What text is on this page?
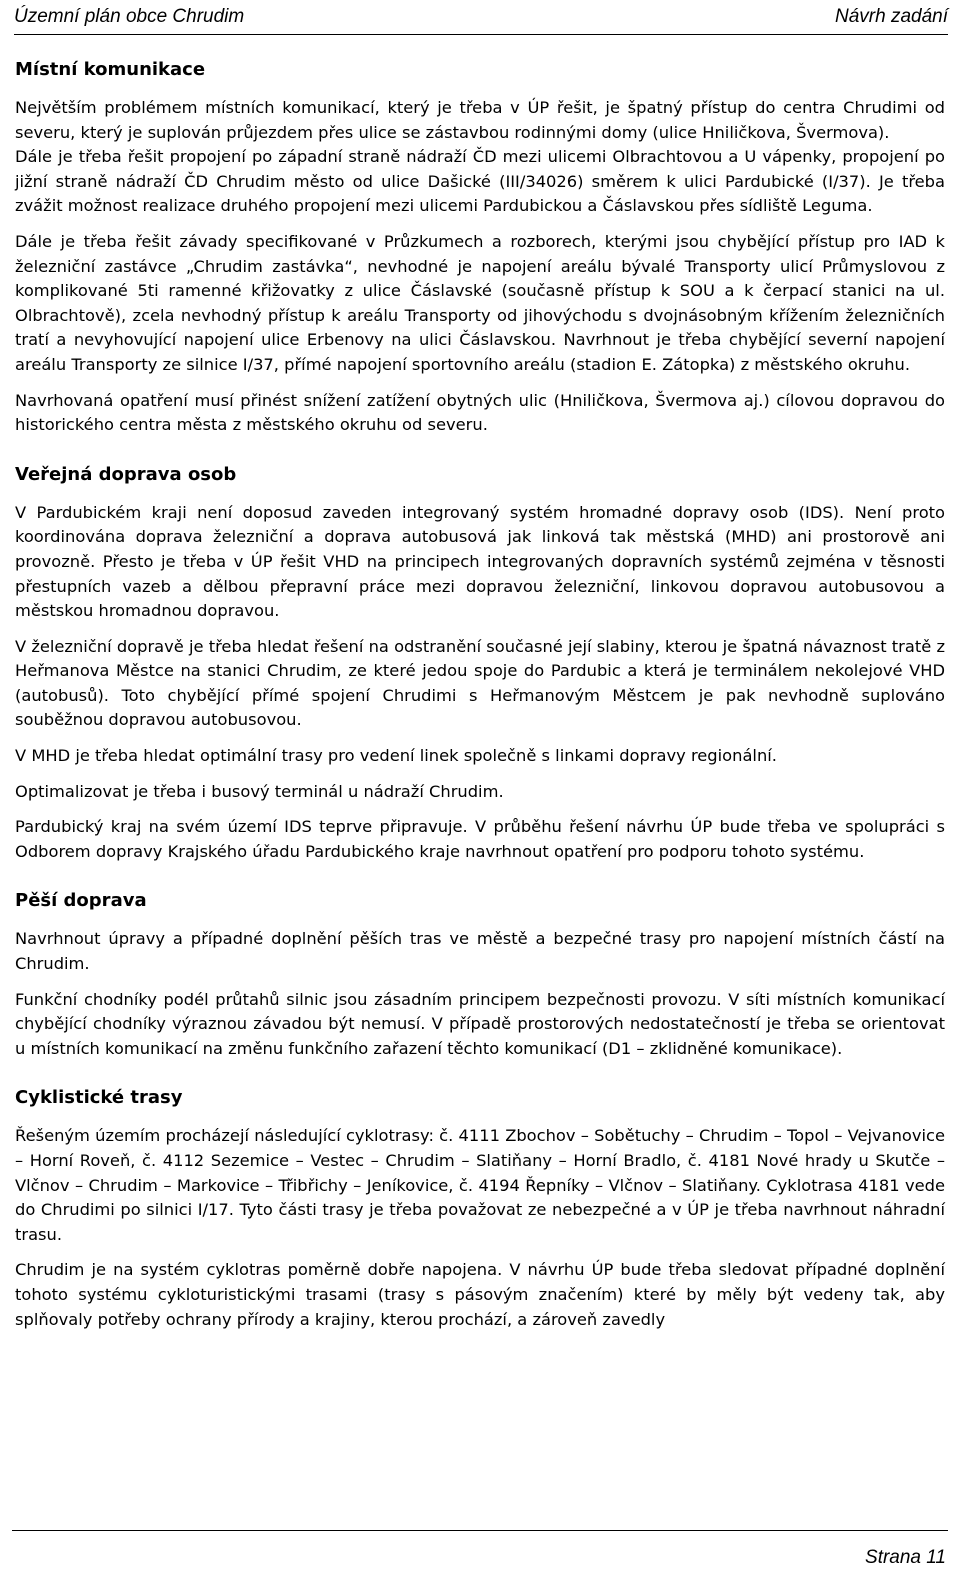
Územní plán obce Chrudim	Návrh zadání
Místní komunikace

Největším problémem místních komunikací, který je třeba v ÚP řešit, je špatný přístup do centra Chrudimi od severu, který je suplován průjezdem přes ulice se zástavbou rodinnými domy (ulice Hniličkova, Švermova).

Dále je třeba řešit propojení po západní straně nádraží ČD mezi ulicemi Olbrachtovou a U vápenky, propojení po jižní straně nádraží ČD Chrudim město od ulice Dašické (III/34026) směrem k ulici Pardubické (I/37). Je třeba zvážit možnost realizace druhého propojení mezi ulicemi Pardubickou a Čáslavskou přes sídliště Leguma.

Dále je třeba řešit závady specifikované v Průzkumech a rozborech, kterými jsou chybějící přístup pro IAD k železniční zastávce „Chrudim zastávka“, nevhodné je napojení areálu bývalé Transporty ulicí Průmyslovou z komplikované 5ti ramenné křižovatky z ulice Čáslavské (současně přístup k SOU a k čerpací stanici na ul. Olbrachtově), zcela nevhodný přístup k areálu Transporty od jihovýchodu s dvojnásobným křížením železničních tratí a nevyhovující napojení ulice Erbenovy na ulici Čáslavskou. Navrhnout je třeba chybějící severní napojení areálu Transporty ze silnice I/37, přímé napojení sportovního areálu (stadion E. Zátopka) z městského okruhu.

Navrhovaná opatření musí přinést snížení zatížení obytných ulic (Hniličkova, Švermova aj.) cílovou dopravou do historického centra města z městského okruhu od severu.

Veřejná doprava osob

V Pardubickém kraji není doposud zaveden integrovaný systém hromadné dopravy osob (IDS). Není proto koordinována doprava železniční a doprava autobusová jak linková tak městská (MHD) ani prostorově ani provozně. Přesto je třeba v ÚP řešit VHD na principech integrovaných dopravních systémů zejména v těsnosti přestupních vazeb a dělbou přepravní práce mezi dopravou železniční, linkovou dopravou autobusovou a městskou hromadnou dopravou.

V železniční dopravě je třeba hledat řešení na odstranění současné její slabiny, kterou je špatná návaznost tratě z Heřmanova Městce na stanici Chrudim, ze které jedou spoje do Pardubic a která je terminálem nekolejové VHD (autobusů). Toto chybějící přímé spojení Chrudimi s Heřmanovým Městcem je pak nevhodně suplováno souběžnou dopravou autobusovou.

V MHD je třeba hledat optimální trasy pro vedení linek společně s linkami dopravy regionální.

Optimalizovat je třeba i busový terminál u nádraží Chrudim.

Pardubický kraj na svém území IDS teprve připravuje. V průběhu řešení návrhu ÚP bude třeba ve spolupráci s Odborem dopravy Krajského úřadu Pardubického kraje navrhnout opatření pro podporu tohoto systému.

Pěší doprava

Navrhnout úpravy a případné doplnění pěších tras ve městě a bezpečné trasy pro napojení místních částí na Chrudim.

Funkční chodníky podél průtahů silnic jsou zásadním principem bezpečnosti provozu. V síti místních komunikací chybějící chodníky výraznou závadou být nemusí. V případě prostorových nedostatečností je třeba se orientovat u místních komunikací na změnu funkčního zařazení těchto komunikací (D1 – zklidněné komunikace).

Cyklistické trasy

Řešeným územím procházejí následující cyklotrasy: č. 4111 Zbochov – Sobětuchy – Chrudim – Topol – Vejvanovice – Horní Roveň, č. 4112 Sezemice – Vestec – Chrudim – Slatiňany – Horní Bradlo, č. 4181 Nové hrady u Skutče – Vlčnov – Chrudim – Markovice – Třibřichy – Jeníkovice, č. 4194 Řepníky – Vlčnov – Slatiňany. Cyklotrasa 4181 vede do Chrudimi po silnici I/17. Tyto části trasy je třeba považovat ze nebezpečné a v ÚP je třeba navrhnout náhradní trasu.

Chrudim je na systém cyklotras poměrně dobře napojena. V návrhu ÚP bude třeba sledovat případné doplnění tohoto systému cykloturistickými trasami (trasy s pásovým značením) které by měly být vedeny tak, aby splňovaly potřeby ochrany přírody a krajiny, kterou prochází, a zároveň zavedly

Strana 11
